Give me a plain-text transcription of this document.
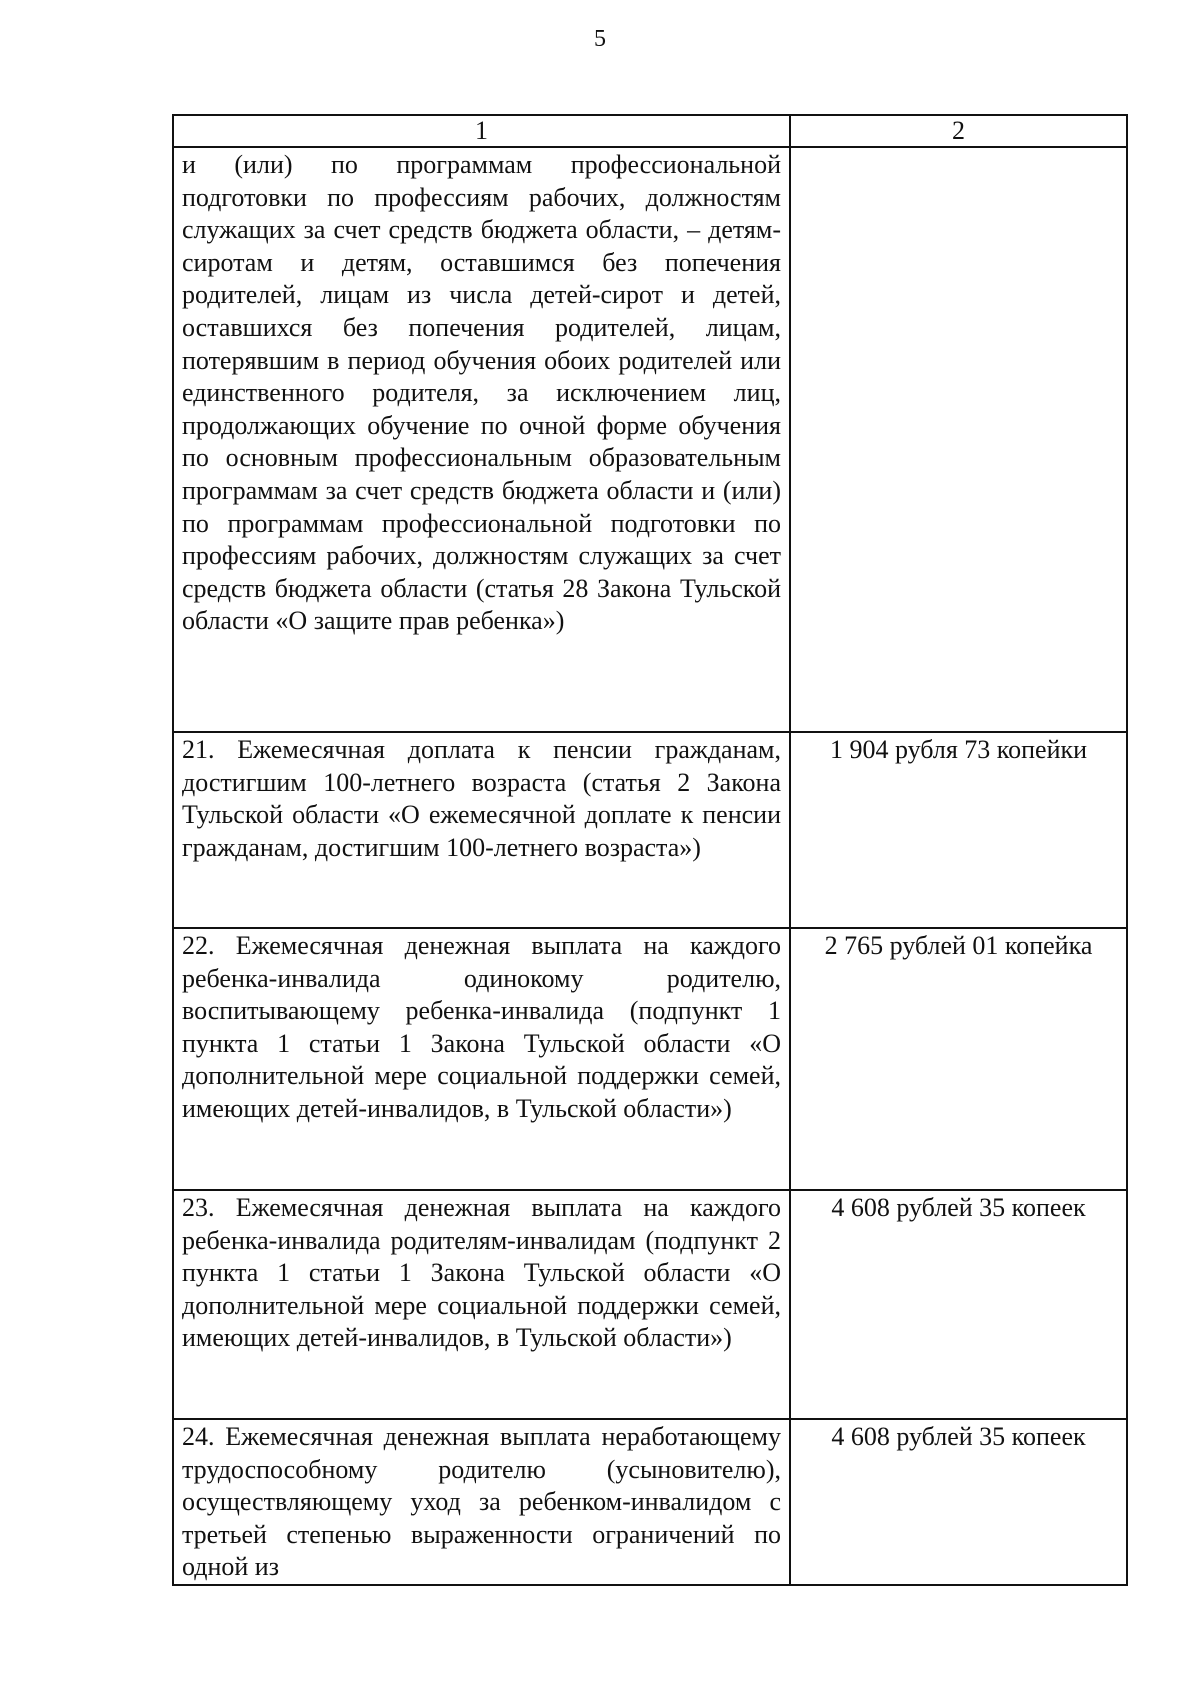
5
1	2
и (или) по программам профессиональной подготовки по профессиям рабочих, должностям служащих за счет средств бюджета области, – детям-сиротам и детям, оставшимся без попечения родителей, лицам из числа детей-сирот и детей, оставшихся без попечения родителей, лицам, потерявшим в период обучения обоих родителей или единственного родителя, за исключением лиц, продолжающих обучение по очной форме обучения по основным профессиональным образовательным программам за счет средств бюджета области и (или) по программам профессиональной подготовки по профессиям рабочих, должностям служащих за счет средств бюджета области (статья 28 Закона Тульской области «О защите прав ребенка»)	
21. Ежемесячная доплата к пенсии гражданам, достигшим 100-летнего возраста (статья 2 Закона Тульской области «О ежемесячной доплате к пенсии гражданам, достигшим 100-летнего возраста»)	1 904 рубля 73 копейки
22. Ежемесячная денежная выплата на каждого ребенка-инвалида одинокому родителю, воспитывающему ребенка-инвалида (подпункт 1 пункта 1 статьи 1 Закона Тульской области «О дополнительной мере социальной поддержки семей, имеющих детей-инвалидов, в Тульской области»)	2 765 рублей 01 копейка
23. Ежемесячная денежная выплата на каждого ребенка-инвалида родителям-инвалидам (подпункт 2 пункта 1 статьи 1 Закона Тульской области «О дополнительной мере социальной поддержки семей, имеющих детей-инвалидов, в Тульской области»)	4 608 рублей 35 копеек
24. Ежемесячная денежная выплата неработающему трудоспособному родителю (усыновителю), осуществляющему уход за ребенком-инвалидом с третьей степенью выраженности ограничений по одной из	4 608 рублей 35 копеек
